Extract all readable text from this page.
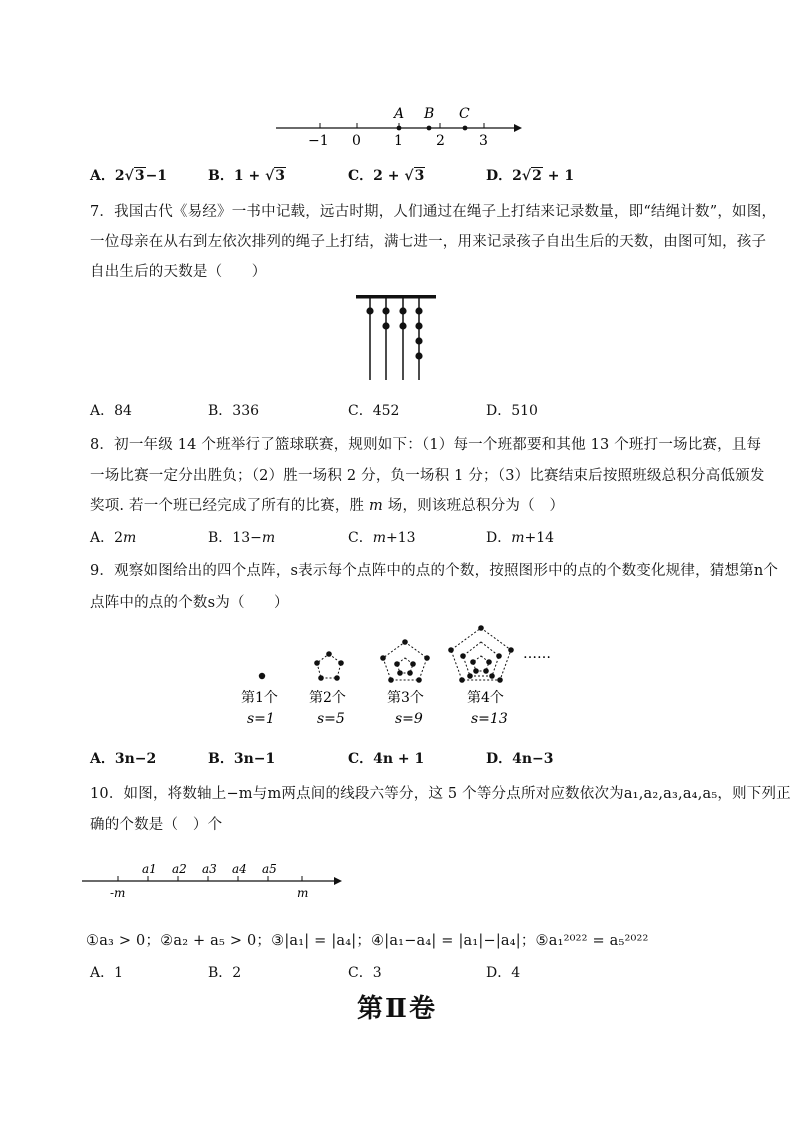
−1 0 1 2 3
A B C
A．2√3−1	B．1 + √3	C．2 + √3	D．2√2 + 1
7．我国古代《易经》一书中记载，远古时期，人们通过在绳子上打结来记录数量，即“结绳计数”，如图，
一位母亲在从右到左依次排列的绳子上打结，满七进一，用来记录孩子自出生后的天数，由图可知，孩子
自出生后的天数是（　　）
A．84	B．336	C．452	D．510
8．初一年级 14 个班举行了篮球联赛，规则如下：（1）每一个班都要和其他 13 个班打一场比赛，且每
一场比赛一定分出胜负；（2）胜一场积 2 分，负一场积 1 分；（3）比赛结束后按照班级总积分高低颁发
奖项. 若一个班已经完成了所有的比赛，胜 m 场，则该班总积分为（　）
A．2m	B．13−m	C．m+13	D．m+14
9．观察如图给出的四个点阵，s表示每个点阵中的点的个数，按照图形中的点的个数变化规律，猜想第n个
点阵中的点的个数s为（　　）
……
第1个 第2个	第3个	第4个
s=1	s=5	s=9	s=13
A．3n−2	B．3n−1	C．4n + 1	D．4n−3
10．如图，将数轴上−m与m两点间的线段六等分，这 5 个等分点所对应数依次为a₁,a₂,a₃,a₄,a₅，则下列正
确的个数是（　）个
-m	m
a1 a2 a3 a4 a5
①a₃ > 0；②a₂ + a₅ > 0；③|a₁| = |a₄|；④|a₁−a₄| = |a₁|−|a₄|；⑤a₁²⁰²² = a₅²⁰²²
A．1	B．2	C．3	D．4
第Ⅱ卷
